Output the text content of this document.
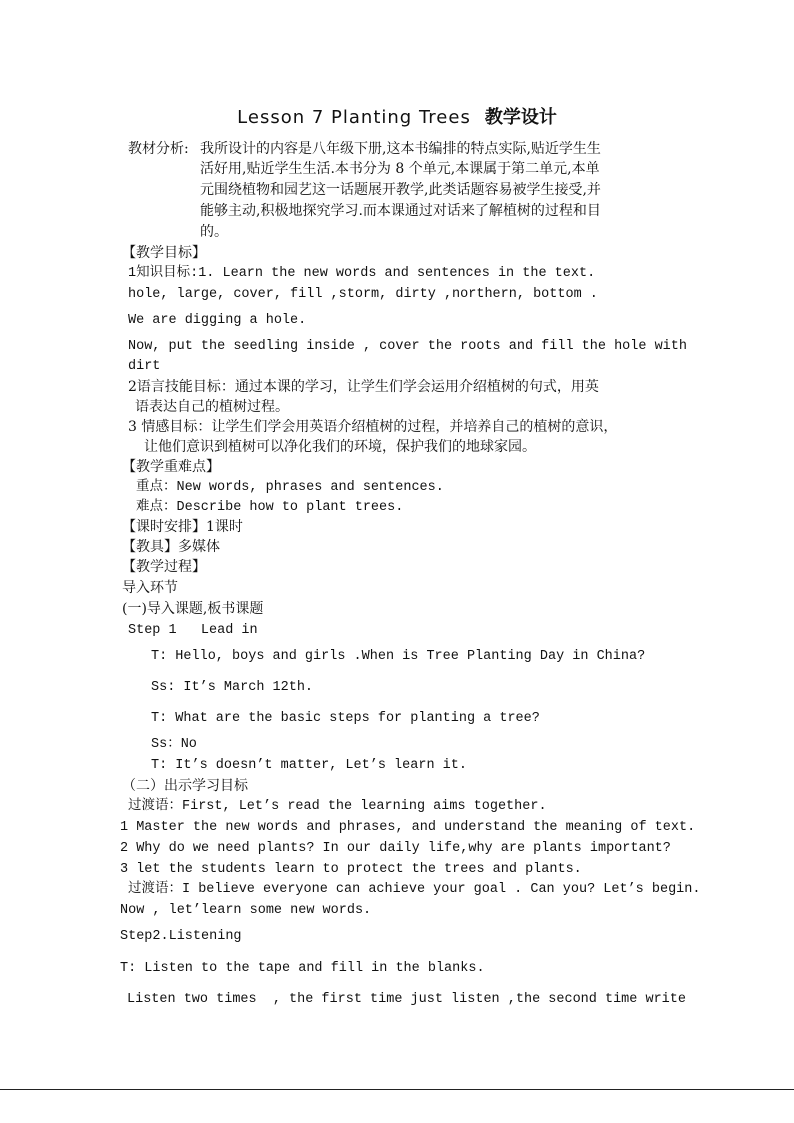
Lesson 7 Planting Trees 教学设计
教材分析: 我所设计的内容是八年级下册,这本书编排的特点实际,贴近学生生
活好用,贴近学生生活.本书分为 8 个单元,本课属于第二单元,本单
元围绕植物和园艺这一话题展开教学,此类话题容易被学生接受,并
能够主动,积极地探究学习.而本课通过对话来了解植树的过程和目
的。
【教学目标】
1知识目标:1. Learn the new words and sentences in the text.
hole, large, cover, fill ,storm, dirty ,northern, bottom .
We are digging a hole.
Now, put the seedling inside , cover the roots and fill the hole with
dirt
2语言技能目标：通过本课的学习，让学生们学会运用介绍植树的句式，用英
语表达自己的植树过程。
3 情感目标：让学生们学会用英语介绍植树的过程，并培养自己的植树的意识，
让他们意识到植树可以净化我们的环境，保护我们的地球家园。
【教学重难点】
重点：New words, phrases and sentences.
难点：Describe how to plant trees.
【课时安排】1课时
【教具】多媒体
【教学过程】
导入环节
(一)导入课题,板书课题
Step 1   Lead in
T: Hello, boys and girls .When is Tree Planting Day in China?
Ss: It’s March 12th.
T: What are the basic steps for planting a tree?
Ss：No
T: It’s doesn’t matter, Let’s learn it.
（二）出示学习目标
过渡语：First, Let’s read the learning aims together.
1 Master the new words and phrases, and understand the meaning of text.
2 Why do we need plants? In our daily life,why are plants important?
3 let the students learn to protect the trees and plants.
过渡语：I believe everyone can achieve your goal . Can you? Let’s begin.
Now , let’learn some new words.
Step2.Listening
T: Listen to the tape and fill in the blanks.
Listen two times  , the first time just listen ,the second time write
